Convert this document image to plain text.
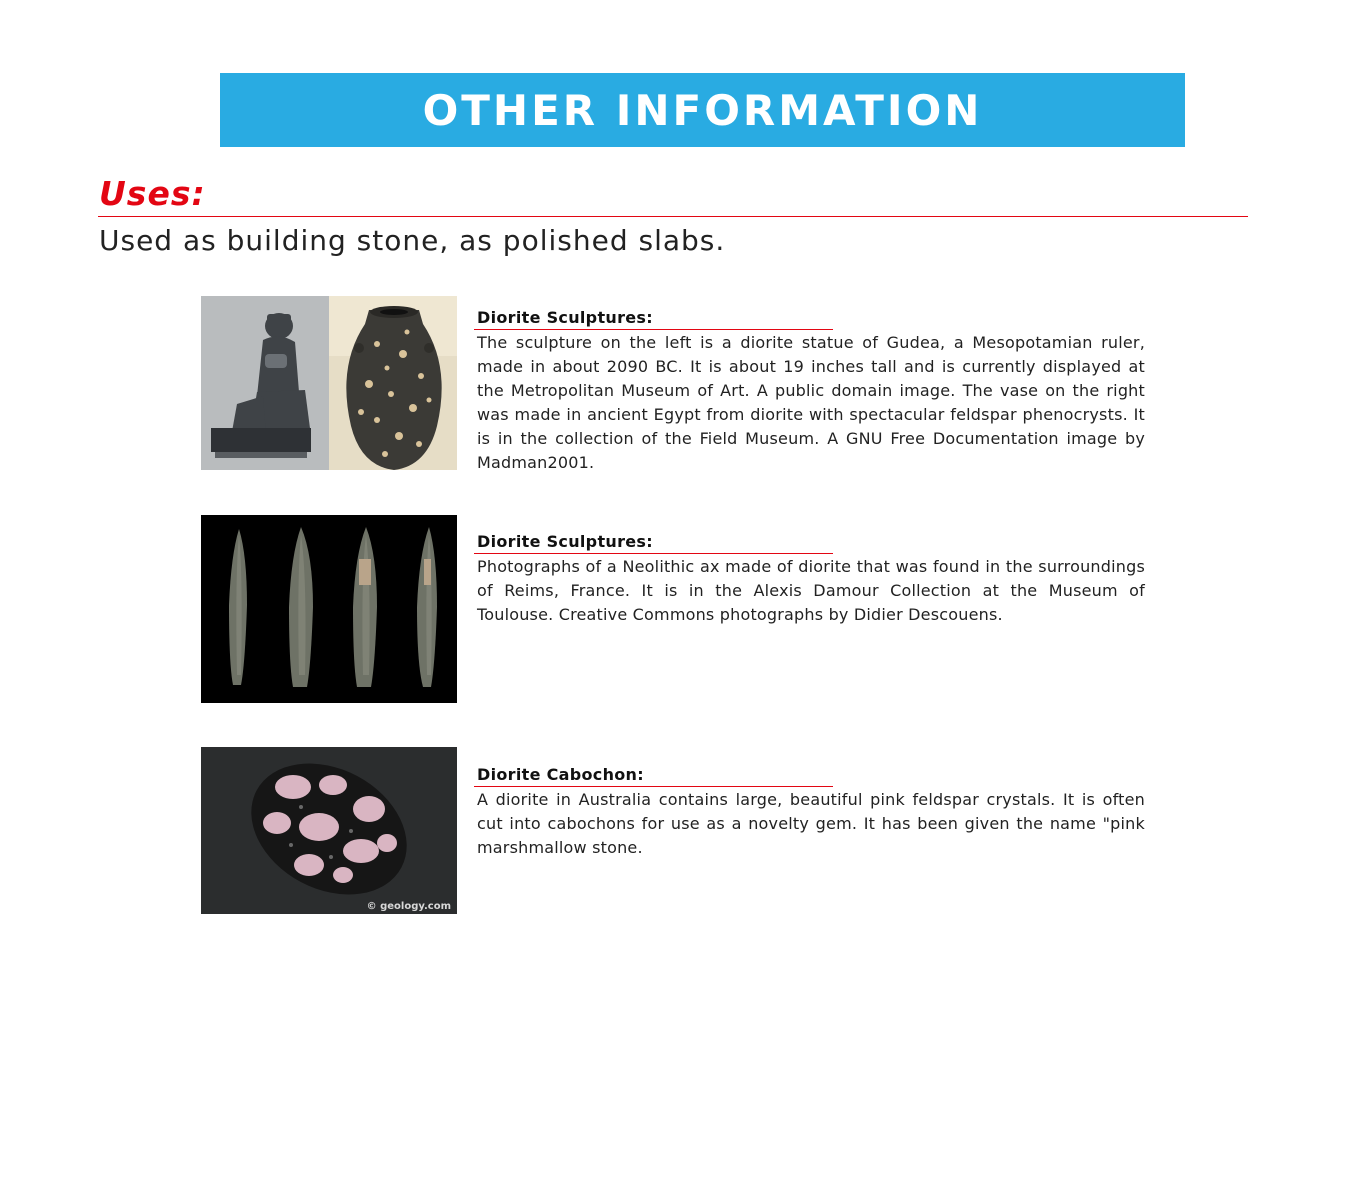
OTHER INFORMATION
Uses:
Used as building stone, as polished slabs.
Diorite Sculptures:
The sculpture on the left is a diorite statue of Gudea, a Mesopotamian ruler, made in about 2090 BC. It is about 19 inches tall and is currently displayed at the Metropolitan Museum of Art. A public domain image. The vase on the right was made in ancient Egypt from diorite with spectacular feldspar phenocrysts. It is in the collection of the Field Museum. A GNU Free Documentation image by Madman2001.
Diorite Sculptures:
Photographs of a Neolithic ax made of diorite that was found in the surroundings of Reims, France. It is in the Alexis Damour Collection at the Museum of Toulouse. Creative Commons photographs by Didier Descouens.
© geology.com
Diorite Cabochon:
A diorite in Australia contains large, beautiful pink feldspar crystals. It is often cut into cabochons for use as a novelty gem. It has been given the name "pink marshmallow stone.
